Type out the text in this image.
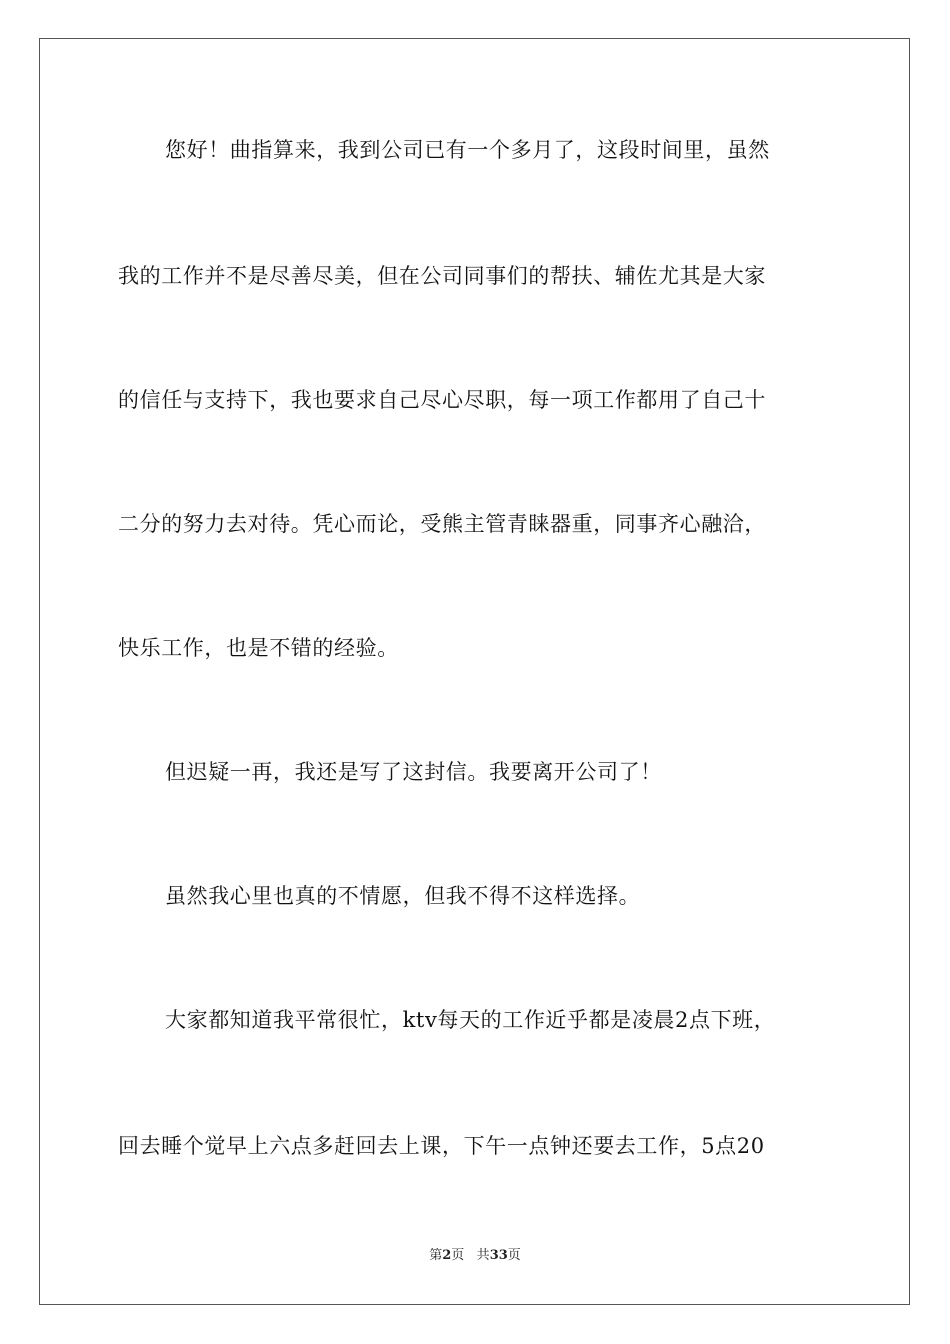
您好！曲指算来，我到公司已有一个多月了，这段时间里，虽然
我的工作并不是尽善尽美，但在公司同事们的帮扶、辅佐尤其是大家
的信任与支持下，我也要求自己尽心尽职，每一项工作都用了自己十
二分的努力去对待。凭心而论，受熊主管青睐器重，同事齐心融洽，
快乐工作，也是不错的经验。
但迟疑一再，我还是写了这封信。我要离开公司了！
虽然我心里也真的不情愿，但我不得不这样选择。
大家都知道我平常很忙，ktv每天的工作近乎都是凌晨2点下班，
回去睡个觉早上六点多赶回去上课，下午一点钟还要去工作，5点20
第2页 共33页
